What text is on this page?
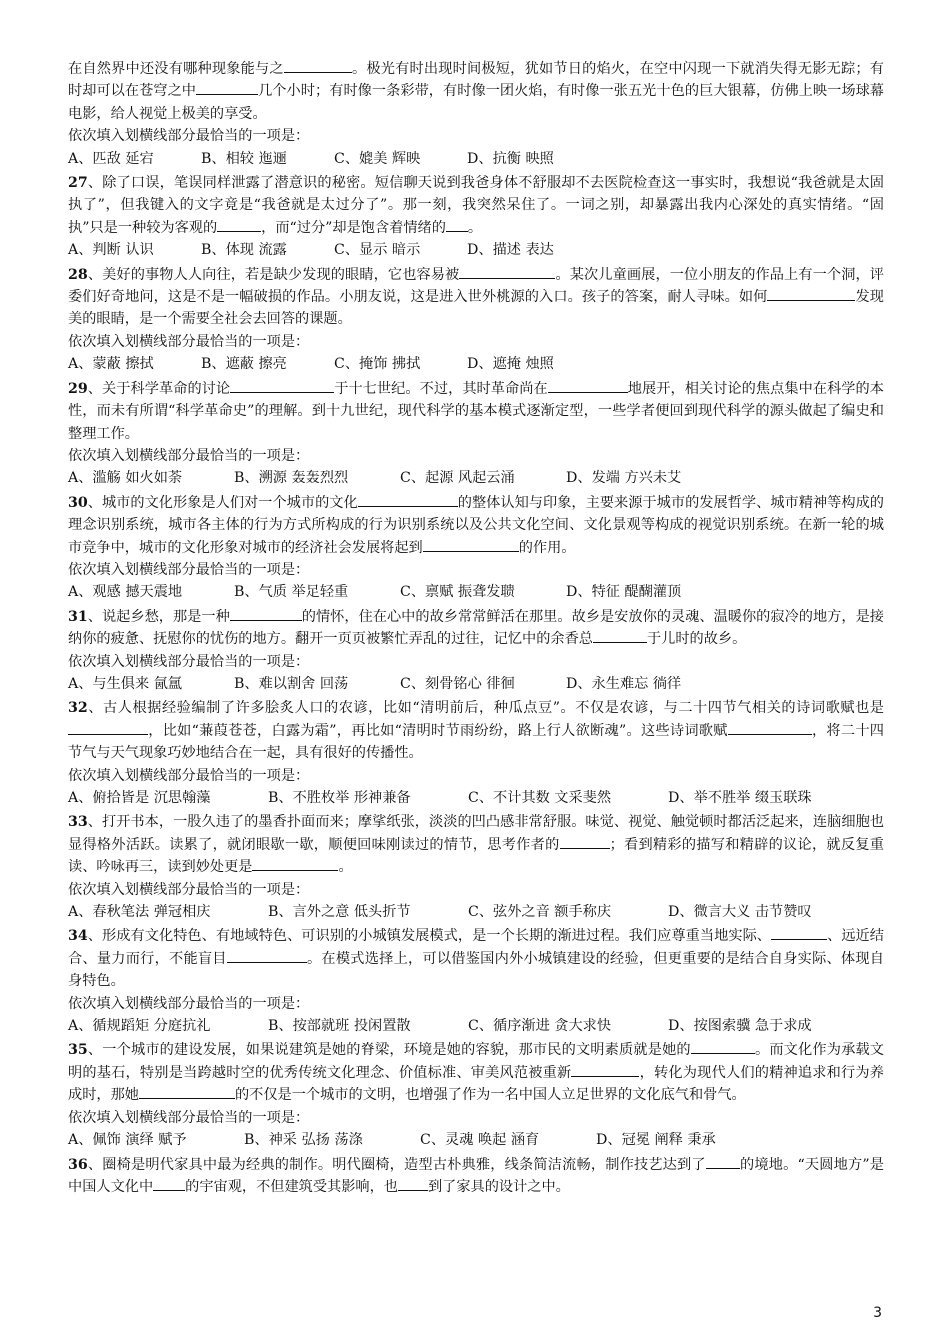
在自然界中还没有哪种现象能与之	。极光有时出现时间极短，犹如节日的焰火，在空中闪现一下就消失得无影无踪；有时却可以在苍穹之中	几个小时；有时像一条彩带，有时像一团火焰，有时像一张五光十色的巨大银幕，仿佛上映一场球幕电影，给人视觉上极美的享受。

依次填入划横线部分最恰当的一项是：

A、匹敌 延宕	B、相较 迤逦	C、媲美 辉映	D、抗衡 映照

27、除了口误，笔误同样泄露了潜意识的秘密。短信聊天说到我爸身体不舒服却不去医院检查这一事实时，我想说“我爸就是太固执了”，但我键入的文字竟是“我爸就是太过分了”。那一刻，我突然呆住了。一词之别，却暴露出我内心深处的真实情绪。“固执”只是一种较为客观的	，而“过分”却是饱含着情绪的 。

A、判断 认识	B、体现 流露	C、显示 暗示	D、描述 表达

28、美好的事物人人向往，若是缺少发现的眼睛，它也容易被	。某次儿童画展，一位小朋友的作品上有一个洞，评委们好奇地问，这是不是一幅破损的作品。小朋友说，这是进入世外桃源的入口。孩子的答案，耐人寻味。如何	发现美的眼睛，是一个需要全社会去回答的课题。

依次填入划横线部分最恰当的一项是：

A、蒙蔽 擦拭	B、遮蔽 擦亮	C、掩饰 拂拭	D、遮掩 烛照

29、关于科学革命的讨论	于十七世纪。不过，其时革命尚在	地展开，相关讨论的焦点集中在科学的本性，而未有所谓“科学革命史”的理解。到十九世纪，现代科学的基本模式逐渐定型，一些学者便回到现代科学的源头做起了编史和整理工作。

依次填入划横线部分最恰当的一项是：

A、滥觞 如火如荼	B、溯源 轰轰烈烈	C、起源 风起云涌	D、发端 方兴未艾

30、城市的文化形象是人们对一个城市的文化	的整体认知与印象，主要来源于城市的发展哲学、城市精神等构成的理念识别系统，城市各主体的行为方式所构成的行为识别系统以及公共文化空间、文化景观等构成的视觉识别系统。在新一轮的城市竞争中，城市的文化形象对城市的经济社会发展将起到	的作用。

依次填入划横线部分最恰当的一项是：

A、观感 撼天震地	B、气质 举足轻重	C、禀赋 振聋发聩	D、特征 醍醐灌顶

31、说起乡愁，那是一种	的情怀，住在心中的故乡常常鲜活在那里。故乡是安放你的灵魂、温暖你的寂冷的地方，是接纳你的疲惫、抚慰你的忧伤的地方。翻开一页页被繁忙弄乱的过往，记忆中的余香总	于儿时的故乡。

依次填入划横线部分最恰当的一项是：

A、与生俱来 氤氲	B、难以割舍 回荡	C、刻骨铭心 徘徊	D、永生难忘 徜徉

32、古人根据经验编制了许多脍炙人口的农谚，比如“清明前后，种瓜点豆”。不仅是农谚，与二十四节气相关的诗词歌赋也是，比如“蒹葭苍苍，白露为霜”，再比如“清明时节雨纷纷，路上行人欲断魂”。这些诗词歌赋	，将二十四节气与天气现象巧妙地结合在一起，具有很好的传播性。

依次填入划横线部分最恰当的一项是：

A、俯拾皆是 沉思翰藻	B、不胜枚举 形神兼备	C、不计其数 文采斐然	D、举不胜举 缀玉联珠

33、打开书本，一股久违了的墨香扑面而来；摩挲纸张，淡淡的凹凸感非常舒服。味觉、视觉、触觉顿时都活泛起来，连脑细胞也显得格外活跃。读累了，就闭眼歇一歇，顺便回味刚读过的情节，思考作者的	；看到精彩的描写和精辟的议论，就反复重读、吟咏再三，读到妙处更是	。

依次填入划横线部分最恰当的一项是：

A、春秋笔法 弹冠相庆	B、言外之意 低头折节	C、弦外之音 额手称庆	D、微言大义 击节赞叹

34、形成有文化特色、有地域特色、可识别的小城镇发展模式，是一个长期的渐进过程。我们应尊重当地实际、	、远近结合、量力而行，不能盲目	。在模式选择上，可以借鉴国内外小城镇建设的经验，但更重要的是结合自身实际、体现自身特色。

依次填入划横线部分最恰当的一项是：

A、循规蹈矩 分庭抗礼	B、按部就班 投闲置散	C、循序渐进 贪大求快	D、按图索骥 急于求成

35、一个城市的建设发展，如果说建筑是她的脊梁，环境是她的容貌，那市民的文明素质就是她的	。而文化作为承载文明的基石，特别是当跨越时空的优秀传统文化理念、价值标准、审美风范被重新	，转化为现代人们的精神追求和行为养成时，那她	的不仅是一个城市的文明，也增强了作为一名中国人立足世界的文化底气和骨气。

依次填入划横线部分最恰当的一项是：

A、佩饰 演绎 赋予	B、神采 弘扬 荡涤	C、灵魂 唤起 涵育	D、冠冕 阐释 秉承

36、圈椅是明代家具中最为经典的制作。明代圈椅，造型古朴典雅，线条简洁流畅，制作技艺达到了 的境地。“天圆地方”是中国人文化中 的宇宙观，不但建筑受其影响，也 到了家具的设计之中。

3
